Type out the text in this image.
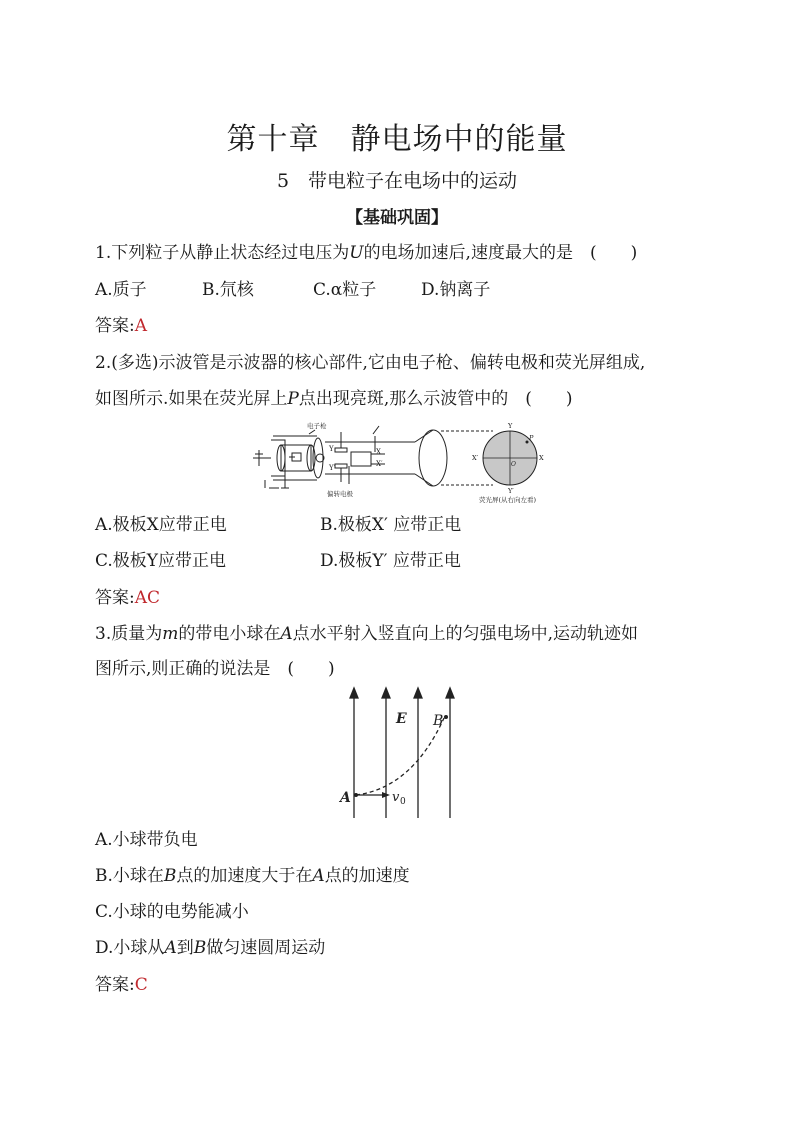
第十章　静电场中的能量
5　带电粒子在电场中的运动
【基础巩固】
1.下列粒子从静止状态经过电压为U的电场加速后,速度最大的是　(　　)
A.质子	B.氘核	C.α粒子	D.钠离子
答案:A
2.(多选)示波管是示波器的核心部件,它由电子枪、偏转电极和荧光屏组成,
如图所示.如果在荧光屏上P点出现亮斑,那么示波管中的　(　　)
电子枪
Y
Y′
X
X′
偏转电极
Y
Y′
X′	X
P
O
荧光屏(从右向左看)
A.极板X应带正电	B.极板X′ 应带正电
C.极板Y应带正电	D.极板Y′ 应带正电
答案:AC
3.质量为m的带电小球在A点水平射入竖直向上的匀强电场中,运动轨迹如
图所示,则正确的说法是　(　　)
E B
A	v 0
A.小球带负电
B.小球在B点的加速度大于在A点的加速度
C.小球的电势能减小
D.小球从A到B做匀速圆周运动
答案:C
